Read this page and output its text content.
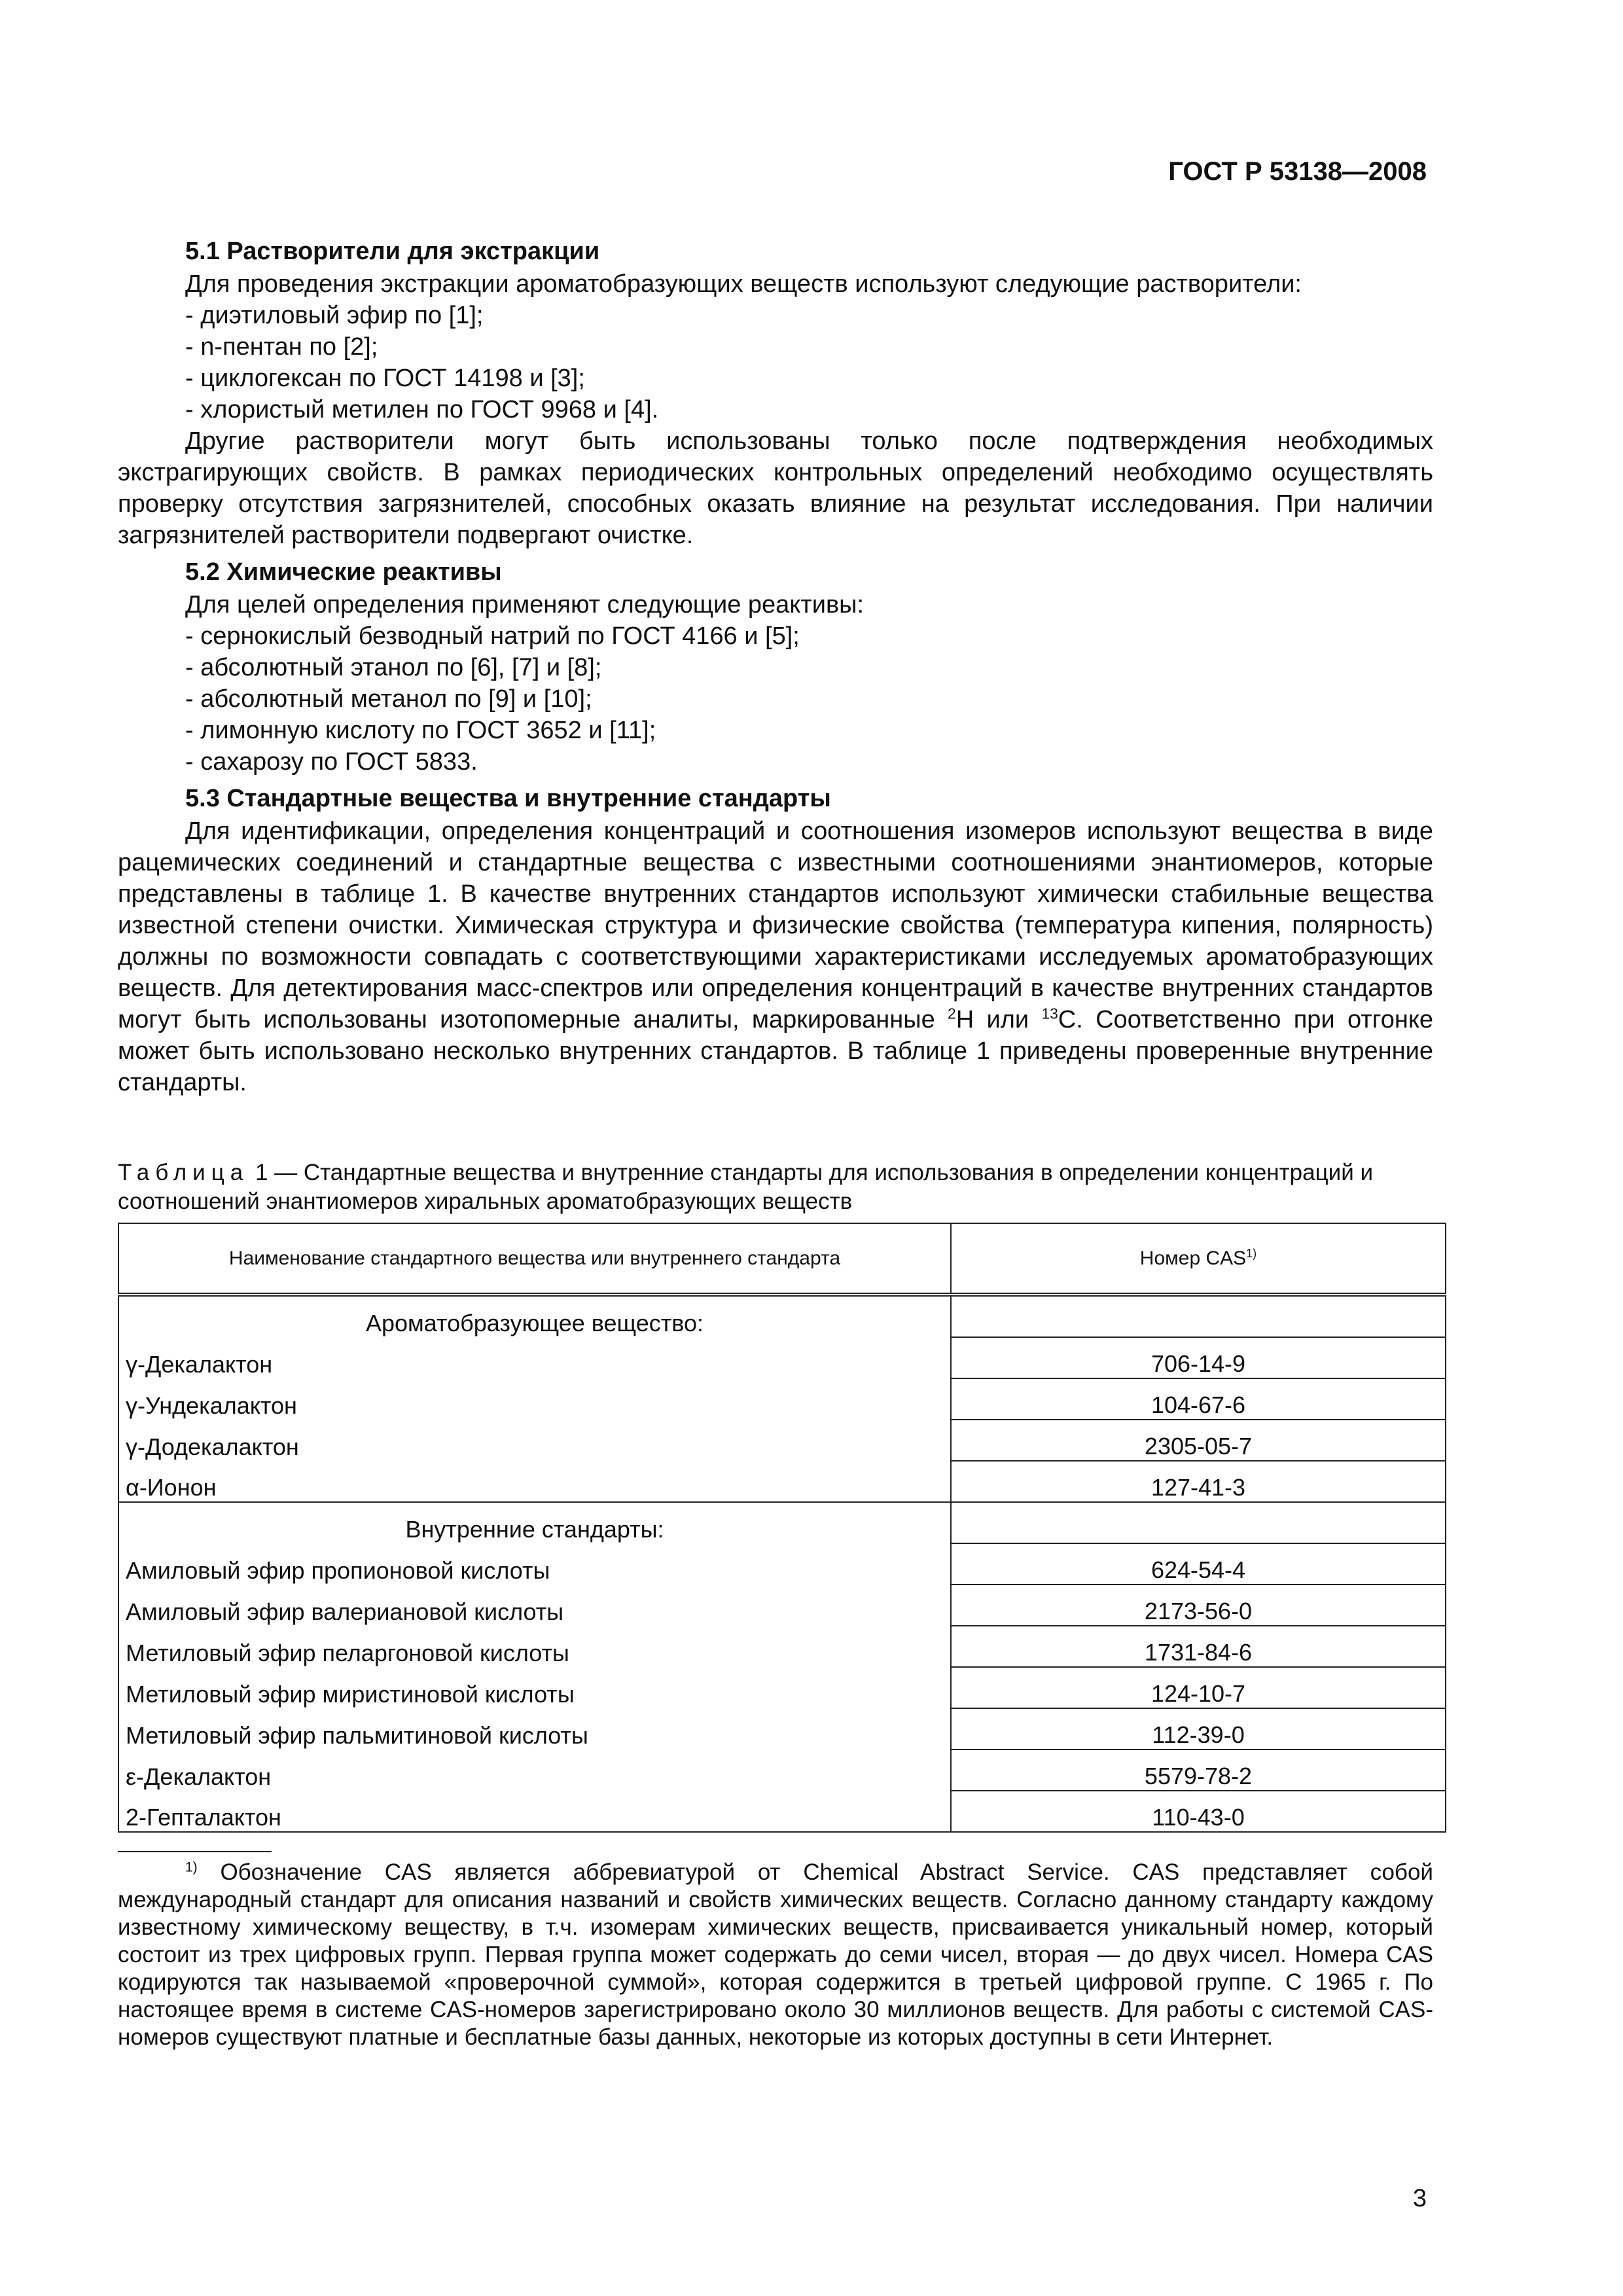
ГОСТ Р 53138—2008
5.1 Растворители для экстракции

Для проведения экстракции ароматобразующих веществ используют следующие растворители:

- диэтиловый эфир по [1];

- n-пентан по [2];

- циклогексан по ГОСТ 14198 и [3];

- хлористый метилен по ГОСТ 9968 и [4].

Другие растворители могут быть использованы только после подтверждения необходимых экстрагирующих свойств. В рамках периодических контрольных определений необходимо осуществлять проверку отсутствия загрязнителей, способных оказать влияние на результат исследования. При наличии загрязнителей растворители подвергают очистке.

5.2 Химические реактивы

Для целей определения применяют следующие реактивы:

- сернокислый безводный натрий по ГОСТ 4166 и [5];

- абсолютный этанол по [6], [7] и [8];

- абсолютный метанол по [9] и [10];

- лимонную кислоту по ГОСТ 3652 и [11];

- сахарозу по ГОСТ 5833.

5.3 Стандартные вещества и внутренние стандарты

Для идентификации, определения концентраций и соотношения изомеров используют вещества в виде рацемических соединений и стандартные вещества с известными соотношениями энантиомеров, которые представлены в таблице 1. В качестве внутренних стандартов используют химически стабильные вещества известной степени очистки. Химическая структура и физические свойства (температура кипения, полярность) должны по возможности совпадать с соответствующими характеристиками исследуемых ароматобразующих веществ. Для детектирования масс-спектров или определения концентраций в качестве внутренних стандартов могут быть использованы изотопомерные аналиты, маркированные $^2$H или $^{13}$C. Соответственно при отгонке может быть использовано несколько внутренних стандартов. В таблице 1 приведены проверенные внутренние стандарты.

Таблица 1 — Стандартные вещества и внутренние стандарты для использования в определении концентраций и соотношений энантиомеров хиральных ароматобразующих веществ
Наименование стандартного вещества или внутреннего стандарта	Номер CAS$^{1)}$
Ароматобразующее вещество:	
γ-Декалактон	706-14-9
γ-Ундекалактон	104-67-6
γ-Додекалактон	2305-05-7
α-Ионон	127-41-3
Внутренние стандарты:	
Амиловый эфир пропионовой кислоты	624-54-4
Амиловый эфир валериановой кислоты	2173-56-0
Метиловый эфир пеларгоновой кислоты	1731-84-6
Метиловый эфир миристиновой кислоты	124-10-7
Метиловый эфир пальмитиновой кислоты	112-39-0
ε-Декалактон	5579-78-2
2-Гепталактон	110-43-0
$^{1)}$ Обозначение CAS является аббревиатурой от Chemical Abstract Service. CAS представляет собой международный стандарт для описания названий и свойств химических веществ. Согласно данному стандарту каждому известному химическому веществу, в т.ч. изомерам химических веществ, присваивается уникальный номер, который состоит из трех цифровых групп. Первая группа может содержать до семи чисел, вторая — до двух чисел. Номера CAS кодируются так называемой «проверочной суммой», которая содержится в третьей цифровой группе. С 1965 г. По настоящее время в системе CAS-номеров зарегистрировано около 30 миллионов веществ. Для работы с системой CAS-номеров существуют платные и бесплатные базы данных, некоторые из которых доступны в сети Интернет.
3
